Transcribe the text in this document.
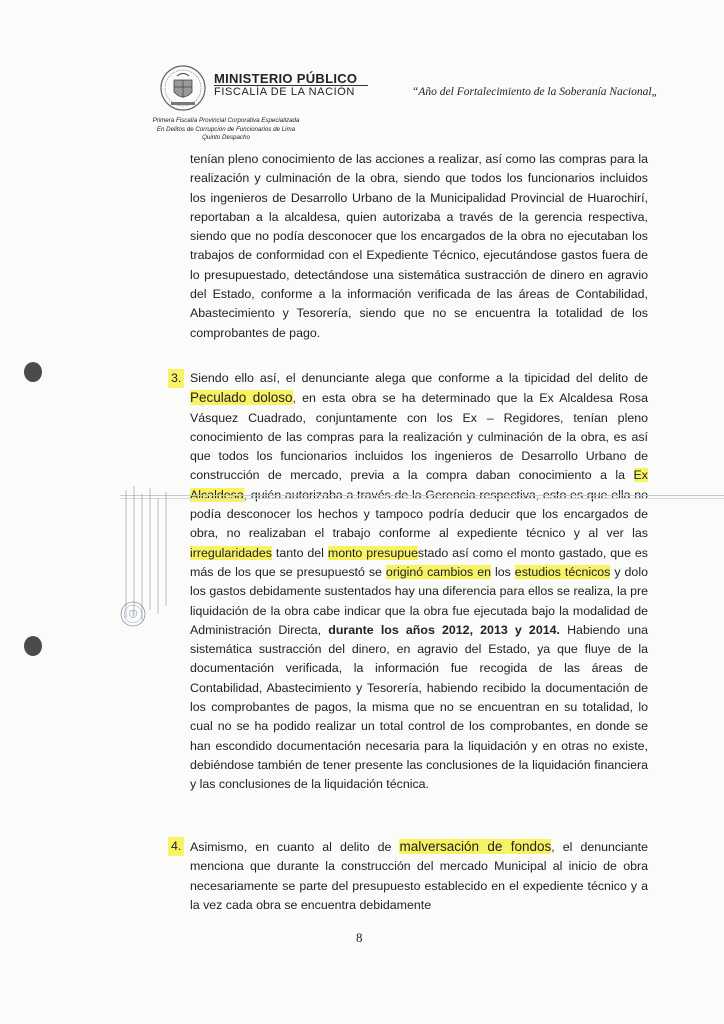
MINISTERIO PÚBLICO
FISCALÍA DE LA NACIÓN	“Año del Fortalecimiento de la Soberanía Nacional„
Primera Fiscalía Provincial Corporativa Especializada
En Delitos de Corrupción de Funcionarios de Lima
Quinto Despacho
tenían pleno conocimiento de las acciones a realizar, así como las compras para la realización y culminación de la obra, siendo que todos los funcionarios incluidos los ingenieros de Desarrollo Urbano de la Municipalidad Provincial de Huarochirí, reportaban a la alcaldesa, quien autorizaba a través de la gerencia respectiva, siendo que no podía desconocer que los encargados de la obra no ejecutaban los trabajos de conformidad con el Expediente Técnico, ejecutándose gastos fuera de lo presupuestado, detectándose una sistemática sustracción de dinero en agravio del Estado, conforme a la información verificada de las áreas de Contabilidad, Abastecimiento y Tesorería, siendo que no se encuentra la totalidad de los comprobantes de pago.
3. Siendo ello así, el denunciante alega que conforme a la tipicidad del delito de Peculado doloso, en esta obra se ha determinado que la Ex Alcaldesa Rosa Vásquez Cuadrado, conjuntamente con los Ex – Regidores, tenían pleno conocimiento de las compras para la realización y culminación de la obra, es así que todos los funcionarios incluidos los ingenieros de Desarrollo Urbano de construcción de mercado, previa a la compra daban conocimiento a la Ex Alcaldesa, quién autorizaba a través de la Gerencia respectiva, esto es que ella no podía desconocer los hechos y tampoco podría deducir que los encargados de obra, no realizaban el trabajo conforme al expediente técnico y al ver las irregularidades tanto del monto presupuestado así como el monto gastado, que es más de los que se presupuestó se originó cambios en los estudios técnicos y dolo los gastos debidamente sustentados hay una diferencia para ellos se realiza, la pre liquidación de la obra cabe indicar que la obra fue ejecutada bajo la modalidad de Administración Directa, durante los años 2012, 2013 y 2014. Habiendo una sistemática sustracción del dinero, en agravio del Estado, ya que fluye de la documentación verificada, la información fue recogida de las áreas de Contabilidad, Abastecimiento y Tesorería, habiendo recibido la documentación de los comprobantes de pagos, la misma que no se encuentran en su totalidad, lo cual no se ha podido realizar un total control de los comprobantes, en donde se han escondido documentación necesaria para la liquidación y en otras no existe, debiéndose también de tener presente las conclusiones de la liquidación financiera y las conclusiones de la liquidación técnica.
4. Asimismo, en cuanto al delito de malversación de fondos, el denunciante menciona que durante la construcción del mercado Municipal al inicio de obra necesariamente se parte del presupuesto establecido en el expediente técnico y a la vez cada obra se encuentra debidamente
8
